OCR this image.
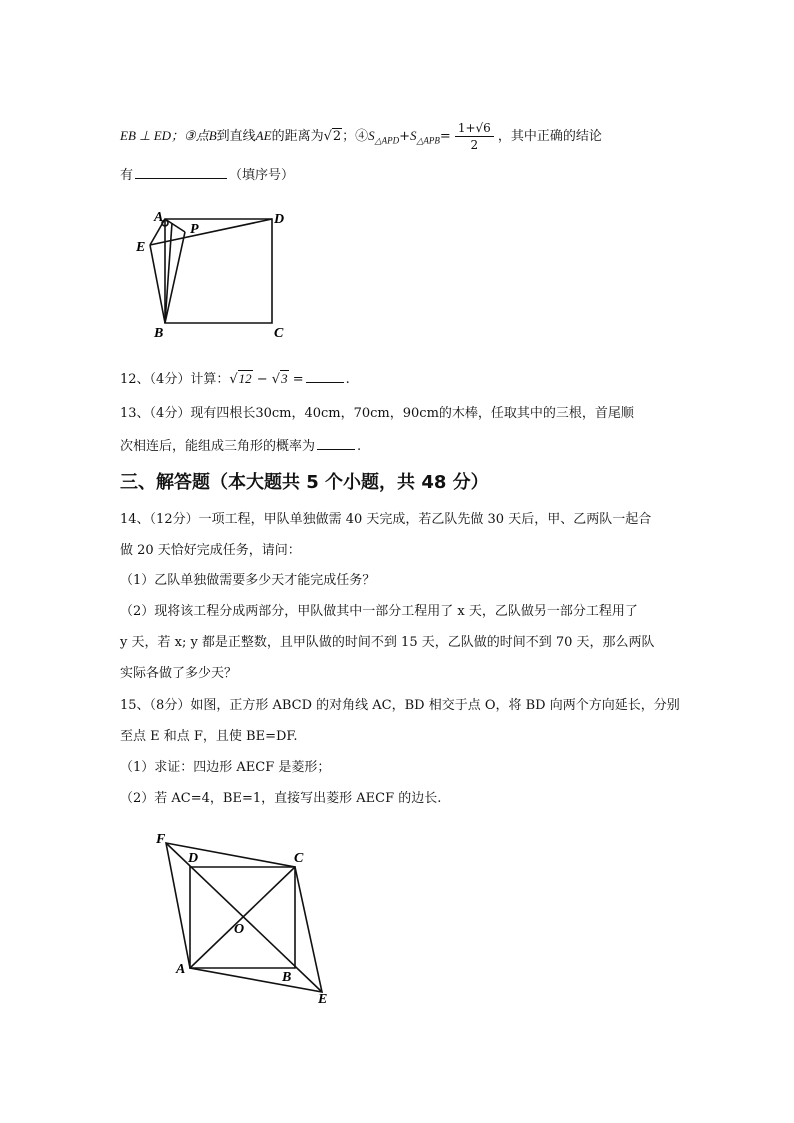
EB ⊥ ED；③点B到直线AE的距离为√2；$④S_{\triangle APD}+S_{\triangle APB}= \frac{1+√6}{2}$ ，其中正确的结论
有	（填序号）
A
P
D
E
B	C
12、（4分）计算：√12 − √3 =	.
13、（4分）现有四根长30cm，40cm，70cm，90cm的木棒，任取其中的三根，首尾顺
次相连后，能组成三角形的概率为	.
三、解答题（本大题共 5 个小题，共 48 分）
14、（12分）一项工程，甲队单独做需 40 天完成，若乙队先做 30 天后，甲、乙两队一起合
做 20 天恰好完成任务，请问：
（1）乙队单独做需要多少天才能完成任务？
（2）现将该工程分成两部分，甲队做其中一部分工程用了 x 天，乙队做另一部分工程用了
y 天，若 x; y 都是正整数，且甲队做的时间不到 15 天，乙队做的时间不到 70 天，那么两队
实际各做了多少天？
15、（8分）如图，正方形 ABCD 的对角线 AC，BD 相交于点 O，将 BD 向两个方向延长，分别
至点 E 和点 F，且使 BE=DF.
（1）求证：四边形 AECF 是菱形；
（2）若 AC=4，BE=1，直接写出菱形 AECF 的边长.
F
D	C
O
A
B
E
